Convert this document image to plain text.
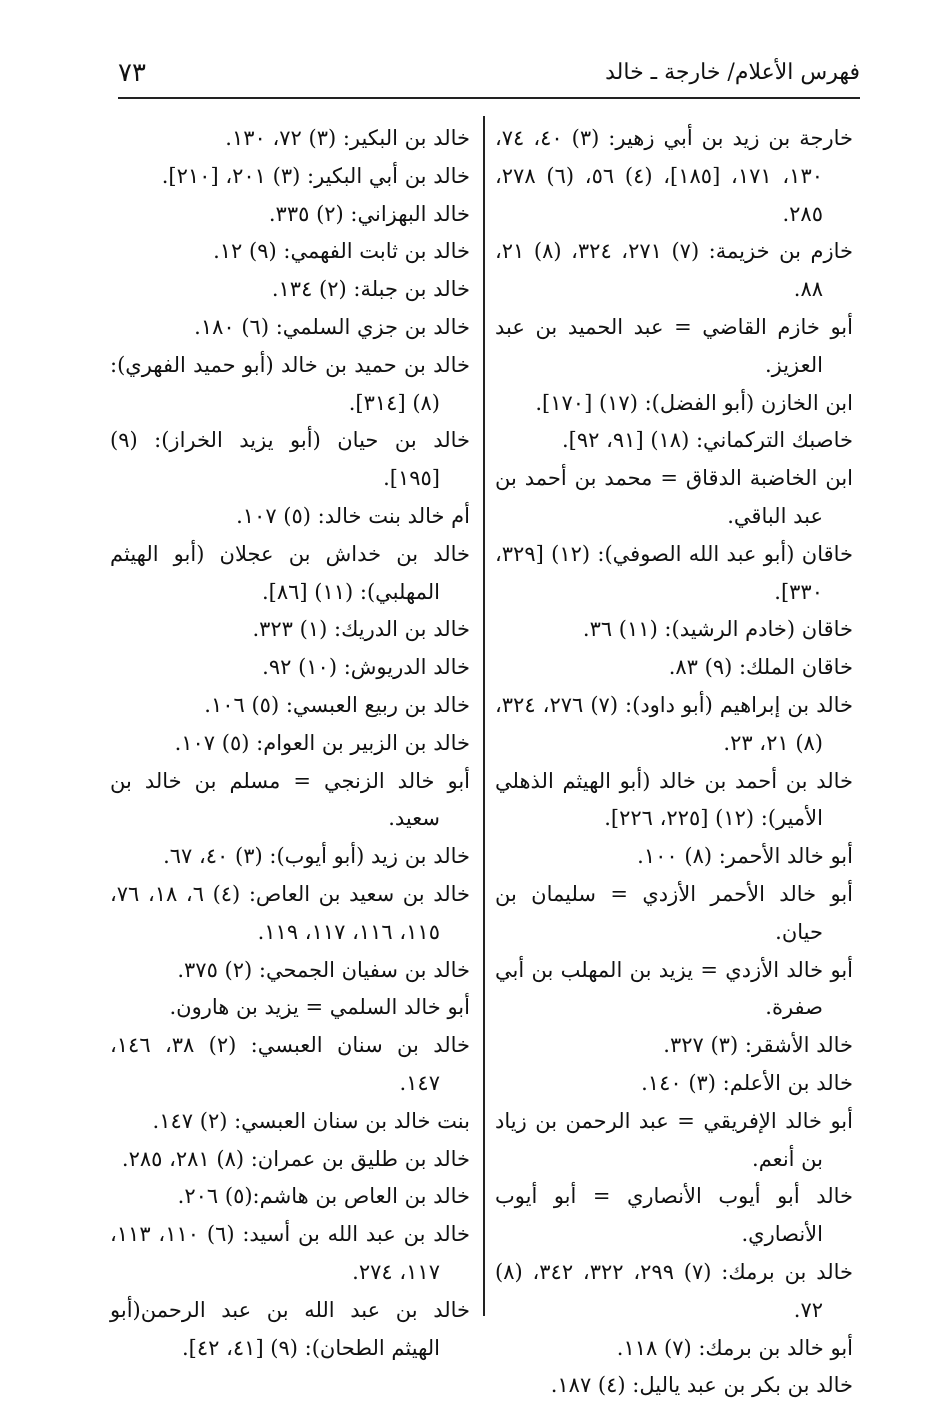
٧٣	فهرس الأعلام/ خارجة ـ خالد

خارجة بن زيد بن أبي زهير: (٣) ٤٠، ٧٤، ١٣٠، ١٧١، [١٨٥]، (٤) ٥٦، (٦) ٢٧٨، ٢٨٥.

خازم بن خزيمة: (٧) ٢٧١، ٣٢٤، (٨) ٢١، ٨٨.

أبو خازم القاضي = عبد الحميد بن عبد العزيز.

ابن الخازن (أبو الفضل): (١٧) [١٧٠].

خاصبك التركماني: (١٨) [٩١، ٩٢].

ابن الخاضبة الدقاق = محمد بن أحمد بن عبد الباقي.

خاقان (أبو عبد الله الصوفي): (١٢) [٣٢٩، ٣٣٠].

خاقان (خادم الرشيد): (١١) ٣٦.

خاقان الملك: (٩) ٨٣.

خالد بن إبراهيم (أبو داود): (٧) ٢٧٦، ٣٢٤، (٨) ٢١، ٢٣.

خالد بن أحمد بن خالد (أبو الهيثم الذهلي الأمير): (١٢) [٢٢٥، ٢٢٦].

أبو خالد الأحمر: (٨) ١٠٠.

أبو خالد الأحمر الأزدي = سليمان بن حيان.

أبو خالد الأزدي = يزيد بن المهلب بن أبي صفرة.

خالد الأشقر: (٣) ٣٢٧.

خالد بن الأعلم: (٣) ١٤٠.

أبو خالد الإفريقي = عبد الرحمن بن زياد بن أنعم.

خالد أبو أيوب الأنصاري = أبو أيوب الأنصاري.

خالد بن برمك: (٧) ٢٩٩، ٣٢٢، ٣٤٢، (٨) ٧٢.

أبو خالد بن برمك: (٧) ١١٨.

خالد بن بكر بن عبد ياليل: (٤) ١٨٧.

خالد بن البكير: (٣) ٧٢، ١٣٠.

خالد بن أبي البكير: (٣) ٢٠١، [٢١٠].

خالد البهزاني: (٢) ٣٣٥.

خالد بن ثابت الفهمي: (٩) ١٢.

خالد بن جبلة: (٢) ١٣٤.

خالد بن جزي السلمي: (٦) ١٨٠.

خالد بن حميد بن خالد (أبو حميد الفهري): (٨) [٣١٤].

خالد بن حيان (أبو يزيد الخراز): (٩) [١٩٥].

أم خالد بنت خالد: (٥) ١٠٧.

خالد بن خداش بن عجلان (أبو الهيثم المهلبي): (١١) [٨٦].

خالد بن الدريك: (١) ٣٢٣.

خالد الدريوش: (١٠) ٩٢.

خالد بن ربيع العبسي: (٥) ١٠٦.

خالد بن الزبير بن العوام: (٥) ١٠٧.

أبو خالد الزنجي = مسلم بن خالد بن سعيد.

خالد بن زيد (أبو أيوب): (٣) ٤٠، ٦٧.

خالد بن سعيد بن العاص: (٤) ٦، ١٨، ٧٦، ١١٥، ١١٦، ١١٧، ١١٩.

خالد بن سفيان الجمحي: (٢) ٣٧٥.

أبو خالد السلمي = يزيد بن هارون.

خالد بن سنان العبسي: (٢) ٣٨، ١٤٦، ١٤٧.

بنت خالد بن سنان العبسي: (٢) ١٤٧.

خالد بن طليق بن عمران: (٨) ٢٨١، ٢٨٥.

خالد بن العاص بن هاشم:(٥) ٢٠٦.

خالد بن عبد الله بن أسيد: (٦) ١١٠، ١١٣، ١١٧، ٢٧٤.

خالد بن عبد الله بن عبد الرحمن(أبو الهيثم الطحان): (٩) [٤١، ٤٢].
